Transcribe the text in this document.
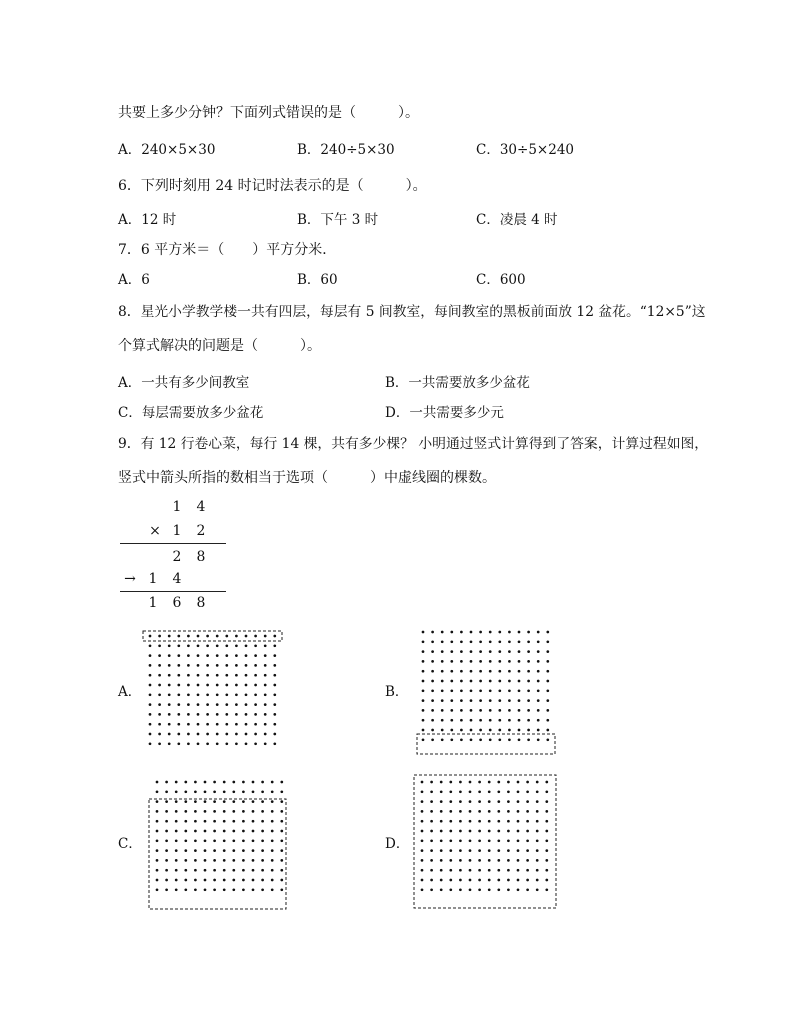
共要上多少分钟？下面列式错误的是（　　　）。
A．240×5×30	B．240÷5×30	C．30÷5×240
6．下列时刻用 24 时记时法表示的是（　　　）。
A．12 时	B．下午 3 时	C．凌晨 4 时
7．6 平方米＝（　　）平方分米．
A．6	B．60	C．600
8．星光小学教学楼一共有四层，每层有 5 间教室，每间教室的黑板前面放 12 盆花。“12×5”这
个算式解决的问题是（　　　）。
A．一共有多少间教室	B．一共需要放多少盆花
C．每层需要放多少盆花	D．一共需要多少元
9．有 12 行卷心菜，每行 14 棵，共有多少棵？ 小明通过竖式计算得到了答案，计算过程如图，
竖式中箭头所指的数相当于选项（　　　）中虚线圈的棵数。
1 4
× 1 2
2 8
→ 1 4
1 6 8
A．	B．
C．	D．
